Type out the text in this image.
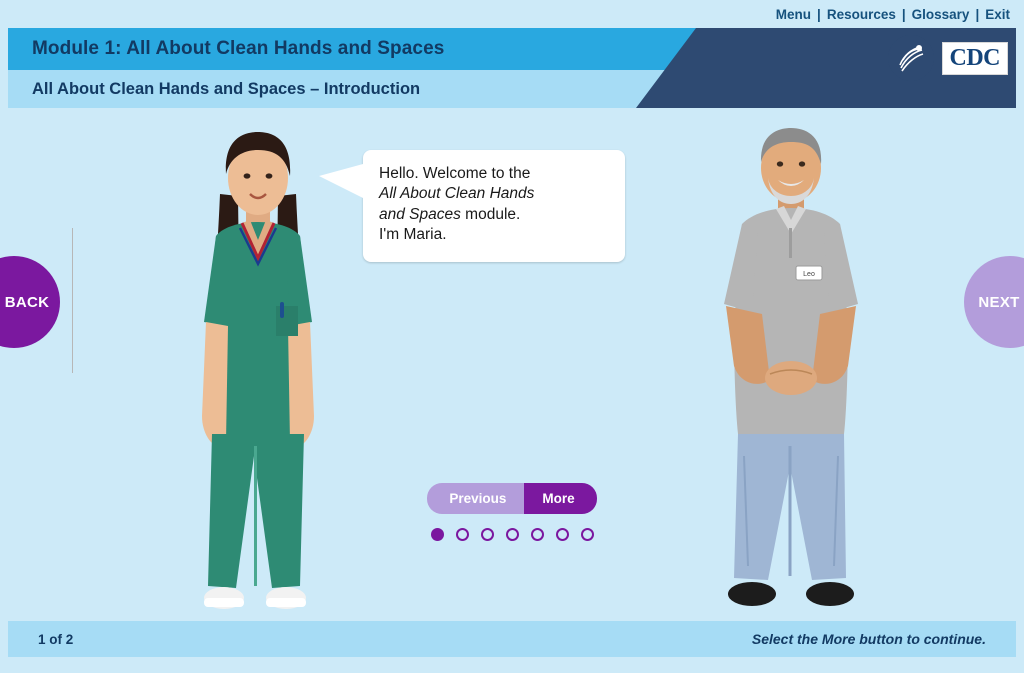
Menu | Resources | Glossary | Exit
Module 1: All About Clean Hands and Spaces
All About Clean Hands and Spaces – Introduction
CDC
BACK	NEXT
Leo
Hello. Welcome to the
All About Clean Hands
and Spaces module.
I'm Maria.
Previous	More
1 of 2	Select the More button to continue.
